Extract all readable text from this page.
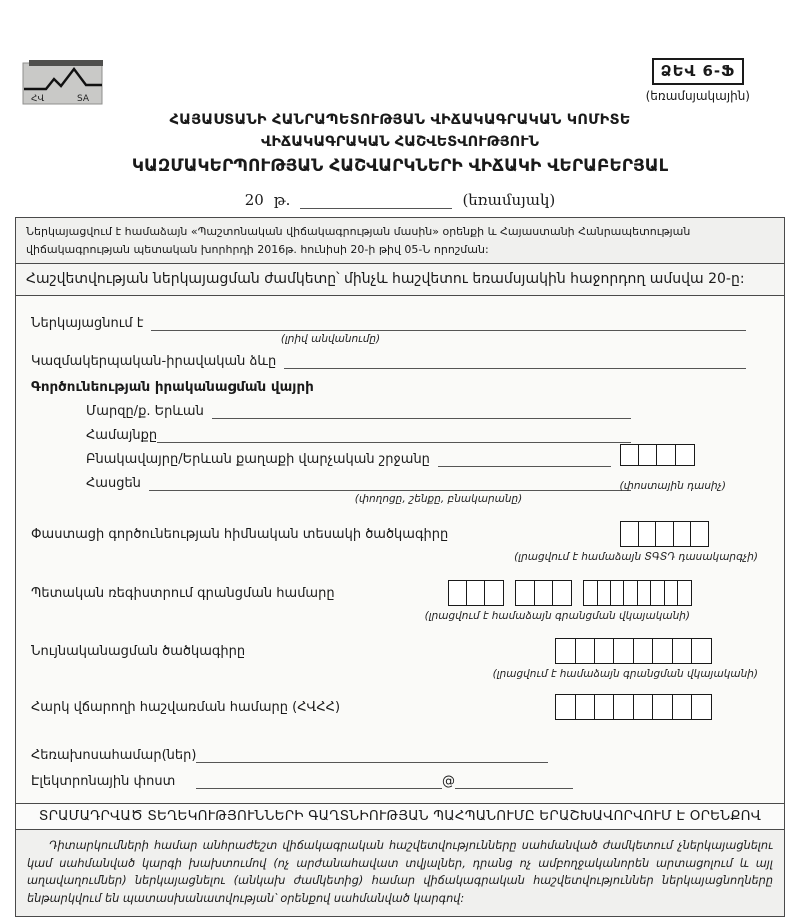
ՀՎ	SA
ՁԵՎ 6-Ֆ
(եռամսյակային)
ՀԱՅԱՍՏԱՆԻ ՀԱՆՐԱՊԵՏՈՒԹՅԱՆ ՎԻՃԱԿԱԳՐԱԿԱՆ ԿՈՄԻՏԵ
ՎԻՃԱԿԱԳՐԱԿԱՆ ՀԱՇՎԵՏՎՈՒԹՅՈՒՆ
ԿԱԶՄԱԿԵՐՊՈՒԹՅԱՆ ՀԱՇՎԱՐԿՆԵՐԻ ՎԻՃԱԿԻ ՎԵՐԱԲԵՐՅԱԼ
20 թ.	(եռամսյակ)
Ներկայացվում է համաձայն «Պաշտոնական վիճակագրության մասին» օրենքի և Հայաստանի Հանրապետության վիճակագրության պետական խորհրդի 2016թ. հունիսի 20-ի թիվ 05-Ն որոշման:
Հաշվետվության ներկայացման ժամկետը՝ մինչև հաշվետու եռամսյակին հաջորդող ամսվա 20-ը:
Ներկայացնում է
(լրիվ անվանումը)
Կազմակերպական-իրավական ձևը
Գործունեության իրականացման վայրի
Մարզը/ք. Երևան
Համայնքը
Բնակավայրը/Երևան քաղաքի վարչական շրջանը
Հասցեն
(փողոցը, շենքը, բնակարանը)
(փոստային դասիչ)
Փաստացի գործունեության հիմնական տեսակի ծածկագիրը
(լրացվում է համաձայն ՏԳՏԴ դասակարգչի)
Պետական ռեգիստրում գրանցման համարը
(լրացվում է համաձայն գրանցման վկայականի)
Նույնականացման ծածկագիրը
(լրացվում է համաձայն գրանցման վկայականի)
Հարկ վճարողի հաշվառման համարը (ՀՎՀՀ)
Հեռախոսահամար(ներ)
Էլեկտրոնային փոստ	@
ՏՐԱՄԱԴՐՎԱԾ ՏԵՂԵԿՈՒԹՅՈՒՆՆԵՐԻ ԳԱՂՏՆԻՈՒԹՅԱՆ ՊԱՀՊԱՆՈՒՄԸ ԵՐԱՇԽԱՎՈՐՎՈՒՄ Է ՕՐԵՆՔՈՎ

Դիտարկումների համար անհրաժեշտ վիճակագրական հաշվետվությունները սահմանված ժամկետում չներկայացնելու կամ սահմանված կարգի խախտումով (ոչ արժանահավատ տվյալներ, դրանց ոչ ամբողջականորեն արտացոլում և այլ աղավաղումներ) ներկայացնելու (անկախ ժամկետից) համար վիճակագրական հաշվետվություններ ներկայացնողները ենթարկվում են պատասխանատվության՝ օրենքով սահմանված կարգով:
